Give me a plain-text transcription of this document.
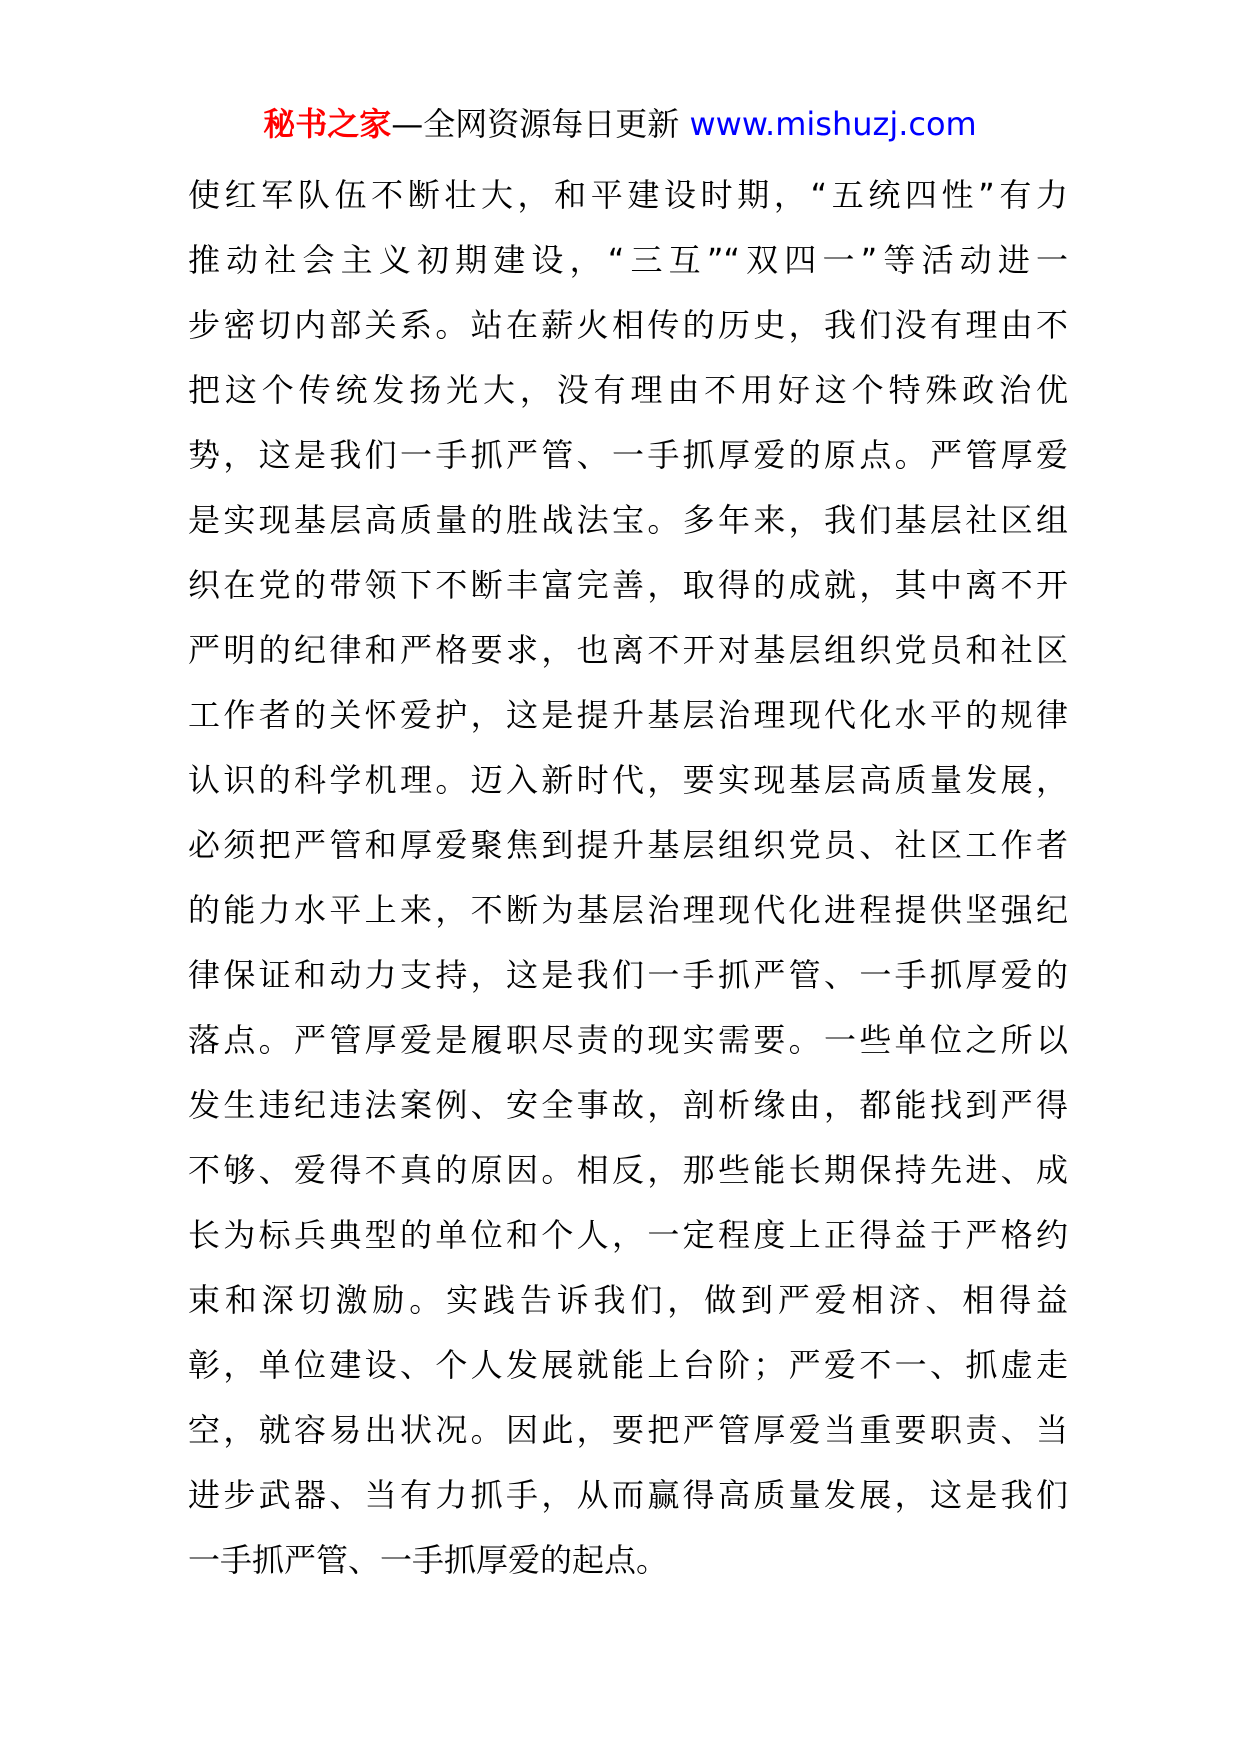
秘书之家—全网资源每日更新 www.mishuzj.com
使红军队伍不断壮大，和平建设时期，“五统四性”有力
推动社会主义初期建设，“三互”“双四一”等活动进一
步密切内部关系。站在薪火相传的历史，我们没有理由不
把这个传统发扬光大，没有理由不用好这个特殊政治优
势，这是我们一手抓严管、一手抓厚爱的原点。严管厚爱
是实现基层高质量的胜战法宝。多年来，我们基层社区组
织在党的带领下不断丰富完善，取得的成就，其中离不开
严明的纪律和严格要求，也离不开对基层组织党员和社区
工作者的关怀爱护，这是提升基层治理现代化水平的规律
认识的科学机理。迈入新时代，要实现基层高质量发展，
必须把严管和厚爱聚焦到提升基层组织党员、社区工作者
的能力水平上来，不断为基层治理现代化进程提供坚强纪
律保证和动力支持，这是我们一手抓严管、一手抓厚爱的
落点。严管厚爱是履职尽责的现实需要。一些单位之所以
发生违纪违法案例、安全事故，剖析缘由，都能找到严得
不够、爱得不真的原因。相反，那些能长期保持先进、成
长为标兵典型的单位和个人，一定程度上正得益于严格约
束和深切激励。实践告诉我们，做到严爱相济、相得益
彰，单位建设、个人发展就能上台阶；严爱不一、抓虚走
空，就容易出状况。因此，要把严管厚爱当重要职责、当
进步武器、当有力抓手，从而赢得高质量发展，这是我们
一手抓严管、一手抓厚爱的起点。
